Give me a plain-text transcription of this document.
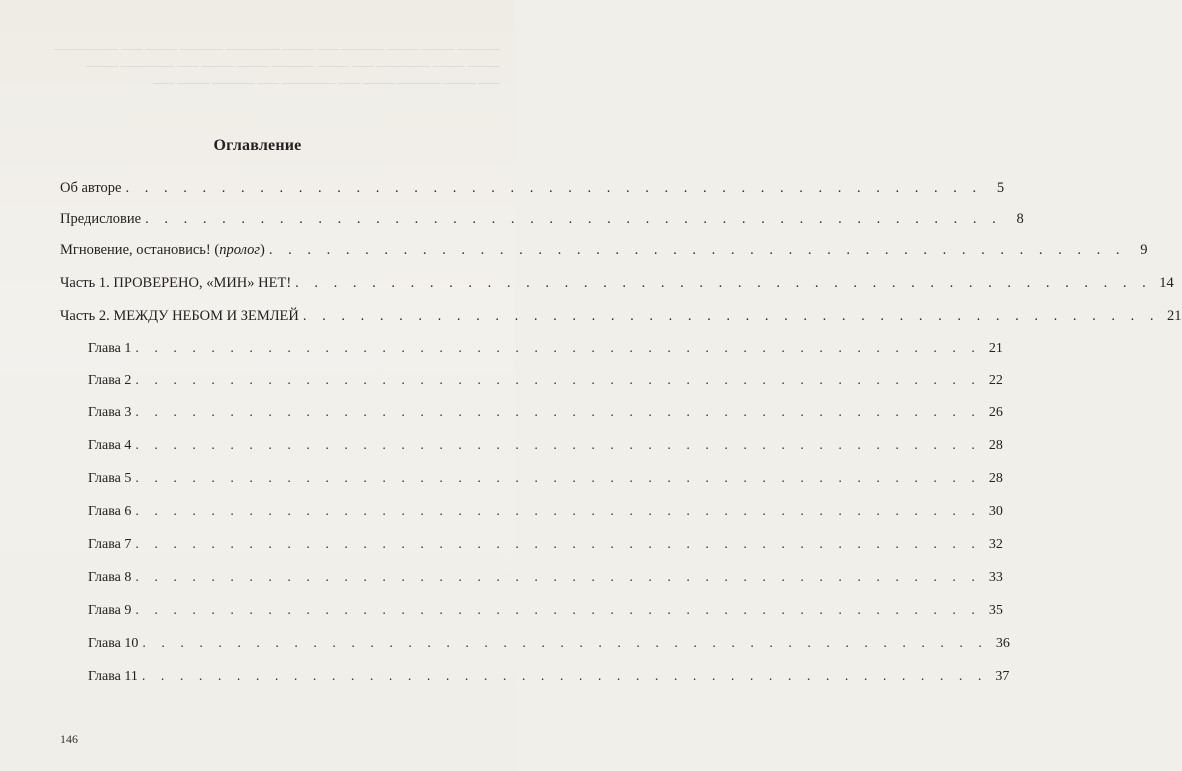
———— ——— ——— ———— —— ——— ————— ———— ——— —— ——————
——— ——— ————— —— ——— ———— ——— ——— —— ————— ———
—— ——— ———— ——— —— ————— —— ———— ——— ——
Оглавление
Об авторе . . . . . . . . . . . . . . . . . . . . . . . . . . . . . . . . . . . . . . . . . . . . .	5
Предисловие . . . . . . . . . . . . . . . . . . . . . . . . . . . . . . . . . . . . . . . . . . . . .	8
Мгновение, остановись! (пролог) . . . . . . . . . . . . . . . . . . . . . . . . . . . . . . . . . . . . . . . . . . . . .	9
Часть 1. ПРОВЕРЕНО, «МИН» НЕТ! . . . . . . . . . . . . . . . . . . . . . . . . . . . . . . . . . . . . . . . . . . . . . 14
Часть 2. МЕЖДУ НЕБОМ И ЗЕМЛЕЙ . . . . . . . . . . . . . . . . . . . . . . . . . . . . . . . . . . . . . . . . . . . . . 21
Глава 1 . . . . . . . . . . . . . . . . . . . . . . . . . . . . . . . . . . . . . . . . . . . . . 21
Глава 2 . . . . . . . . . . . . . . . . . . . . . . . . . . . . . . . . . . . . . . . . . . . . . 22
Глава 3 . . . . . . . . . . . . . . . . . . . . . . . . . . . . . . . . . . . . . . . . . . . . . 26
Глава 4 . . . . . . . . . . . . . . . . . . . . . . . . . . . . . . . . . . . . . . . . . . . . . 28
Глава 5 . . . . . . . . . . . . . . . . . . . . . . . . . . . . . . . . . . . . . . . . . . . . . 28
Глава 6 . . . . . . . . . . . . . . . . . . . . . . . . . . . . . . . . . . . . . . . . . . . . . 30
Глава 7 . . . . . . . . . . . . . . . . . . . . . . . . . . . . . . . . . . . . . . . . . . . . . 32
Глава 8 . . . . . . . . . . . . . . . . . . . . . . . . . . . . . . . . . . . . . . . . . . . . . 33
Глава 9 . . . . . . . . . . . . . . . . . . . . . . . . . . . . . . . . . . . . . . . . . . . . . 35
Глава 10 . . . . . . . . . . . . . . . . . . . . . . . . . . . . . . . . . . . . . . . . . . . . . 36
Глава 11 . . . . . . . . . . . . . . . . . . . . . . . . . . . . . . . . . . . . . . . . . . . . . 37
146
